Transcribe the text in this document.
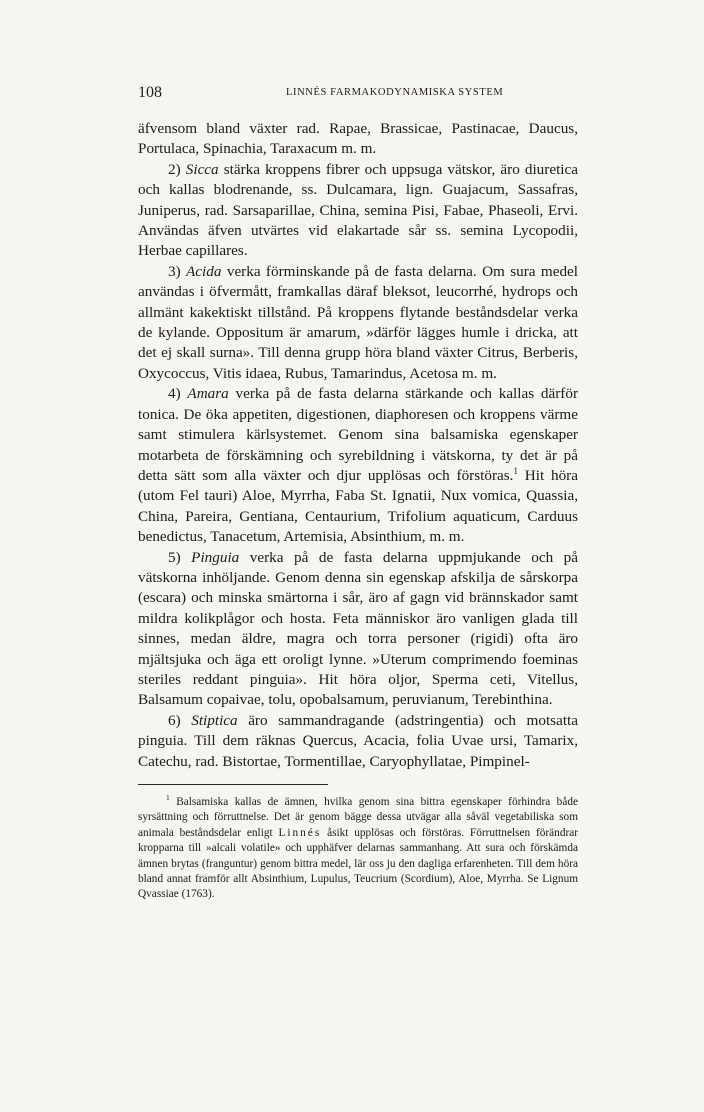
108	LINNÉS FARMAKODYNAMISKA SYSTEM

äfvensom bland växter rad. Rapae, Brassicae, Pastinacae, Daucus, Portulaca, Spinachia, Taraxacum m. m.

2) Sicca stärka kroppens fibrer och uppsuga vätskor, äro diuretica och kallas blodrenande, ss. Dulcamara, lign. Guajacum, Sassafras, Juniperus, rad. Sarsaparillae, China, semina Pisi, Fabae, Phaseoli, Ervi. Användas äfven utvärtes vid elakartade sår ss. semina Lycopodii, Herbae capillares.

3) Acida verka förminskande på de fasta delarna. Om sura medel användas i öfvermått, framkallas däraf bleksot, leucorrhé, hydrops och allmänt kakektiskt tillstånd. På kroppens flytande beståndsdelar verka de kylande. Oppositum är amarum, »därför lägges humle i dricka, att det ej skall surna». Till denna grupp höra bland växter Citrus, Berberis, Oxycoccus, Vitis idaea, Rubus, Tamarindus, Acetosa m. m.

4) Amara verka på de fasta delarna stärkande och kallas därför tonica. De öka appetiten, digestionen, diaphoresen och kroppens värme samt stimulera kärlsystemet. Genom sina balsamiska egenskaper motarbeta de förskämning och syrebildning i vätskorna, ty det är på detta sätt som alla växter och djur upplösas och förstöras.$^1$ Hit höra (utom Fel tauri) Aloe, Myrrha, Faba St. Ignatii, Nux vomica, Quassia, China, Pareira, Gentiana, Centaurium, Trifolium aquaticum, Carduus benedictus, Tanacetum, Artemisia, Absinthium, m. m.

5) Pinguia verka på de fasta delarna uppmjukande och på vätskorna inhöljande. Genom denna sin egenskap afskilja de sårskorpa (escara) och minska smärtorna i sår, äro af gagn vid brännskador samt mildra kolikplågor och hosta. Feta människor äro vanligen glada till sinnes, medan äldre, magra och torra personer (rigidi) ofta äro mjältsjuka och äga ett oroligt lynne. »Uterum comprimendo foeminas steriles reddant pinguia». Hit höra oljor, Sperma ceti, Vitellus, Balsamum copaivae, tolu, opobalsamum, peruvianum, Terebinthina.

6) Stiptica äro sammandragande (adstringentia) och motsatta pinguia. Till dem räknas Quercus, Acacia, folia Uvae ursi, Tamarix, Catechu, rad. Bistortae, Tormentillae, Caryophyllatae, Pimpinel-

$^1$ Balsamiska kallas de ämnen, hvilka genom sina bittra egenskaper förhindra både syrsättning och förruttnelse. Det är genom bägge dessa utvägar alla såväl vegetabiliska som animala beståndsdelar enligt Linnés åsikt upplösas och förstöras. Förruttnelsen förändrar kropparna till »alcali volatile» och upphäfver delarnas sammanhang. Att sura och förskämda ämnen brytas (franguntur) genom bittra medel, lär oss ju den dagliga erfarenheten. Till dem höra bland annat framför allt Absinthium, Lupulus, Teucrium (Scordium), Aloe, Myrrha. Se Lignum Qvassiae (1763).
